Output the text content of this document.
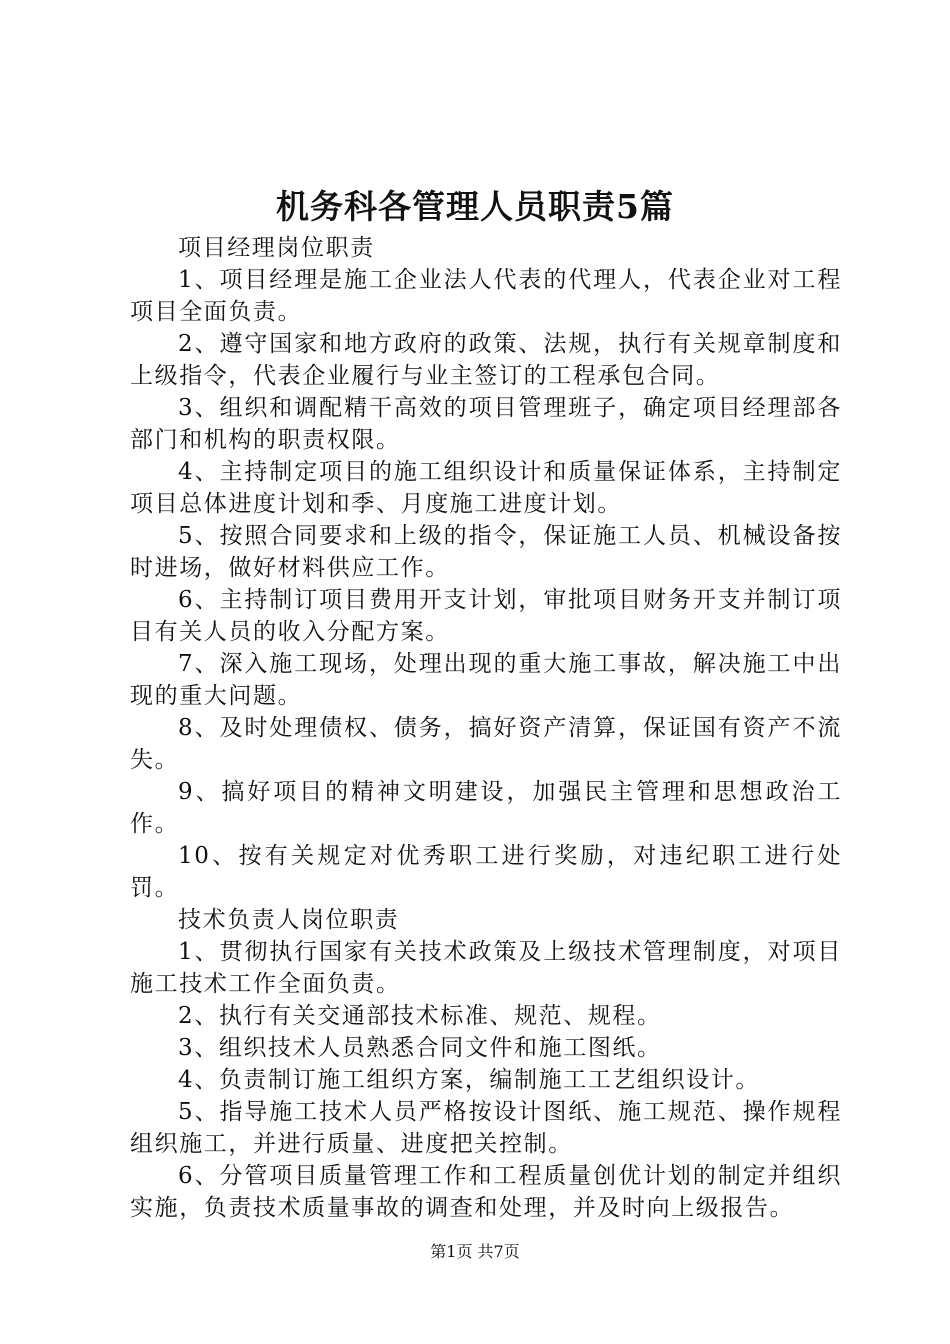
机务科各管理人员职责5篇

项目经理岗位职责

1、项目经理是施工企业法人代表的代理人，代表企业对工程项目全面负责。

2、遵守国家和地方政府的政策、法规，执行有关规章制度和上级指令，代表企业履行与业主签订的工程承包合同。

3、组织和调配精干高效的项目管理班子，确定项目经理部各部门和机构的职责权限。

4、主持制定项目的施工组织设计和质量保证体系，主持制定项目总体进度计划和季、月度施工进度计划。

5、按照合同要求和上级的指令，保证施工人员、机械设备按时进场，做好材料供应工作。

6、主持制订项目费用开支计划，审批项目财务开支并制订项目有关人员的收入分配方案。

7、深入施工现场，处理出现的重大施工事故，解决施工中出现的重大问题。

8、及时处理债权、债务，搞好资产清算，保证国有资产不流失。

9、搞好项目的精神文明建设，加强民主管理和思想政治工作。

10、按有关规定对优秀职工进行奖励，对违纪职工进行处罚。

技术负责人岗位职责

1、贯彻执行国家有关技术政策及上级技术管理制度，对项目施工技术工作全面负责。

2、执行有关交通部技术标准、规范、规程。

3、组织技术人员熟悉合同文件和施工图纸。

4、负责制订施工组织方案，编制施工工艺组织设计。

5、指导施工技术人员严格按设计图纸、施工规范、操作规程组织施工，并进行质量、进度把关控制。

6、分管项目质量管理工作和工程质量创优计划的制定并组织实施，负责技术质量事故的调查和处理，并及时向上级报告。

第1页 共7页
